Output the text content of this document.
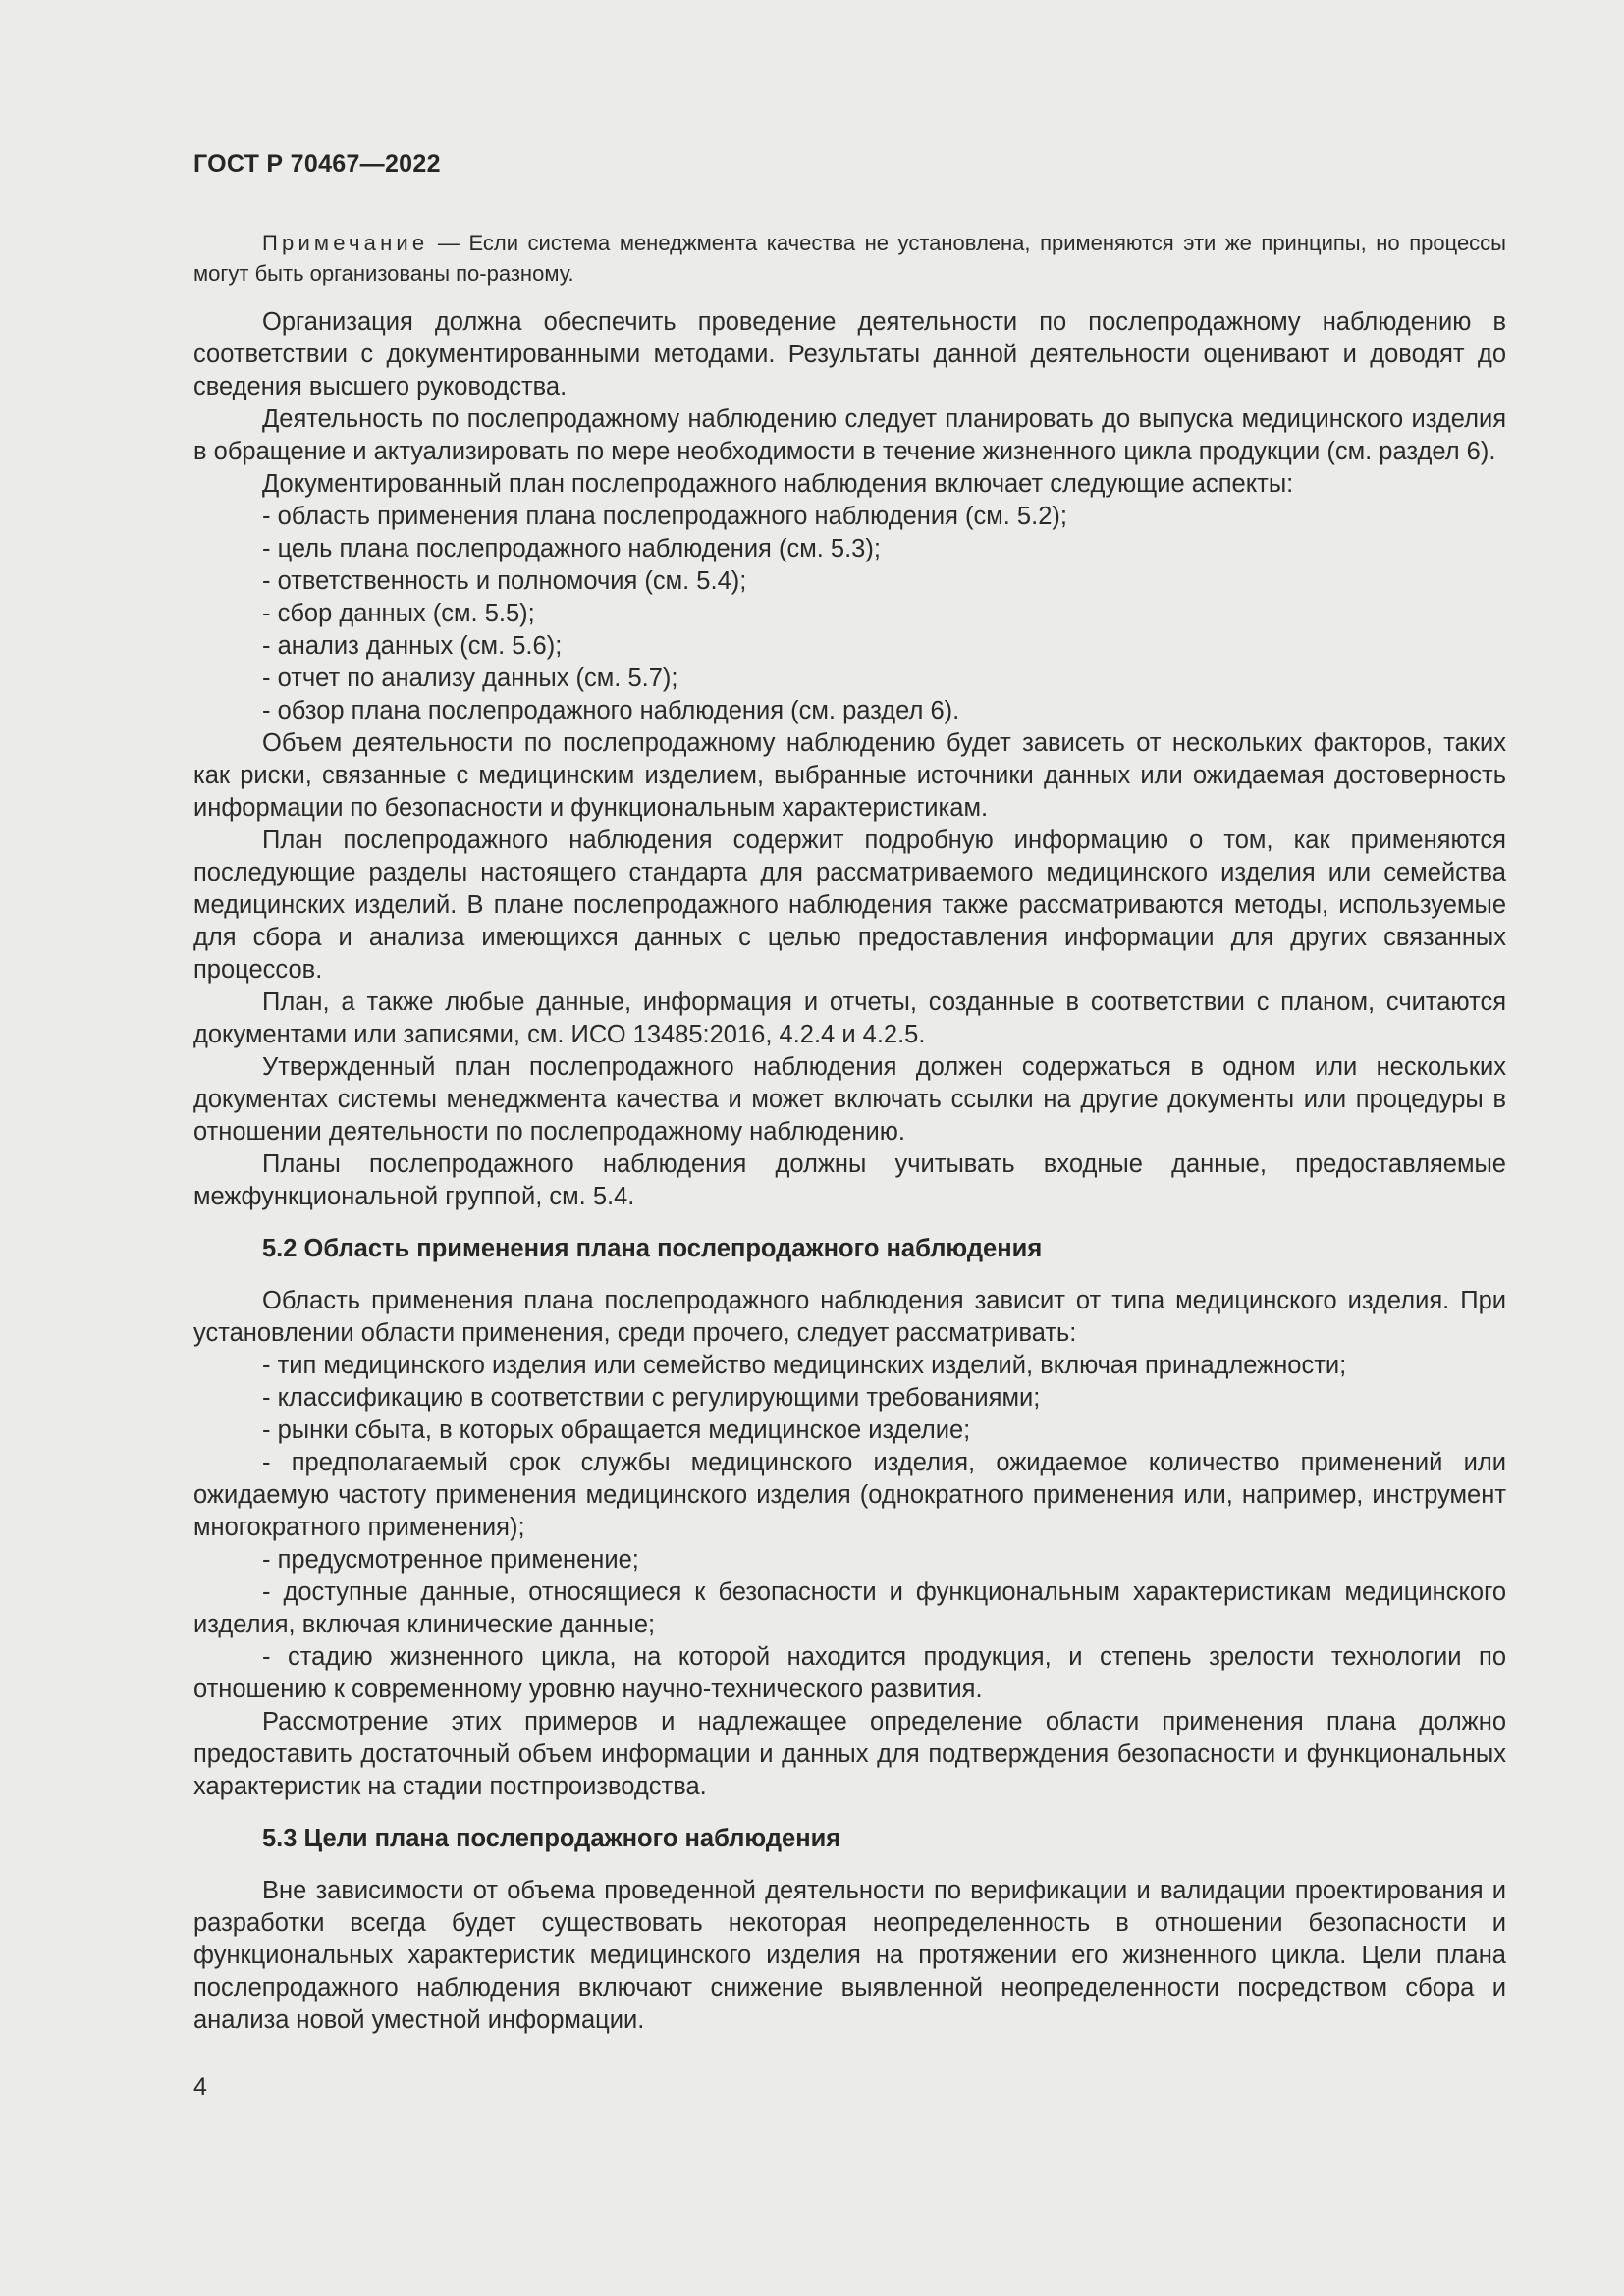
ГОСТ Р 70467—2022

Примечание — Если система менеджмента качества не установлена, применяются эти же принципы, но процессы могут быть организованы по-разному.

Организация должна обеспечить проведение деятельности по послепродажному наблюдению в соответствии с документированными методами. Результаты данной деятельности оценивают и доводят до сведения высшего руководства.

Деятельность по послепродажному наблюдению следует планировать до выпуска медицинского изделия в обращение и актуализировать по мере необходимости в течение жизненного цикла продукции (см. раздел 6).

Документированный план послепродажного наблюдения включает следующие аспекты:

- область применения плана послепродажного наблюдения (см. 5.2);

- цель плана послепродажного наблюдения (см. 5.3);

- ответственность и полномочия (см. 5.4);

- сбор данных (см. 5.5);

- анализ данных (см. 5.6);

- отчет по анализу данных (см. 5.7);

- обзор плана послепродажного наблюдения (см. раздел 6).

Объем деятельности по послепродажному наблюдению будет зависеть от нескольких факторов, таких как риски, связанные с медицинским изделием, выбранные источники данных или ожидаемая достоверность информации по безопасности и функциональным характеристикам.

План послепродажного наблюдения содержит подробную информацию о том, как применяются последующие разделы настоящего стандарта для рассматриваемого медицинского изделия или семейства медицинских изделий. В плане послепродажного наблюдения также рассматриваются методы, используемые для сбора и анализа имеющихся данных с целью предоставления информации для других связанных процессов.

План, а также любые данные, информация и отчеты, созданные в соответствии с планом, считаются документами или записями, см. ИСО 13485:2016, 4.2.4 и 4.2.5.

Утвержденный план послепродажного наблюдения должен содержаться в одном или нескольких документах системы менеджмента качества и может включать ссылки на другие документы или процедуры в отношении деятельности по послепродажному наблюдению.

Планы послепродажного наблюдения должны учитывать входные данные, предоставляемые межфункциональной группой, см. 5.4.

5.2 Область применения плана послепродажного наблюдения

Область применения плана послепродажного наблюдения зависит от типа медицинского изделия. При установлении области применения, среди прочего, следует рассматривать:

- тип медицинского изделия или семейство медицинских изделий, включая принадлежности;

- классификацию в соответствии с регулирующими требованиями;

- рынки сбыта, в которых обращается медицинское изделие;

- предполагаемый срок службы медицинского изделия, ожидаемое количество применений или ожидаемую частоту применения медицинского изделия (однократного применения или, например, инструмент многократного применения);

- предусмотренное применение;

- доступные данные, относящиеся к безопасности и функциональным характеристикам медицинского изделия, включая клинические данные;

- стадию жизненного цикла, на которой находится продукция, и степень зрелости технологии по отношению к современному уровню научно-технического развития.

Рассмотрение этих примеров и надлежащее определение области применения плана должно предоставить достаточный объем информации и данных для подтверждения безопасности и функциональных характеристик на стадии постпроизводства.

5.3 Цели плана послепродажного наблюдения

Вне зависимости от объема проведенной деятельности по верификации и валидации проектирования и разработки всегда будет существовать некоторая неопределенность в отношении безопасности и функциональных характеристик медицинского изделия на протяжении его жизненного цикла. Цели плана послепродажного наблюдения включают снижение выявленной неопределенности посредством сбора и анализа новой уместной информации.

4
